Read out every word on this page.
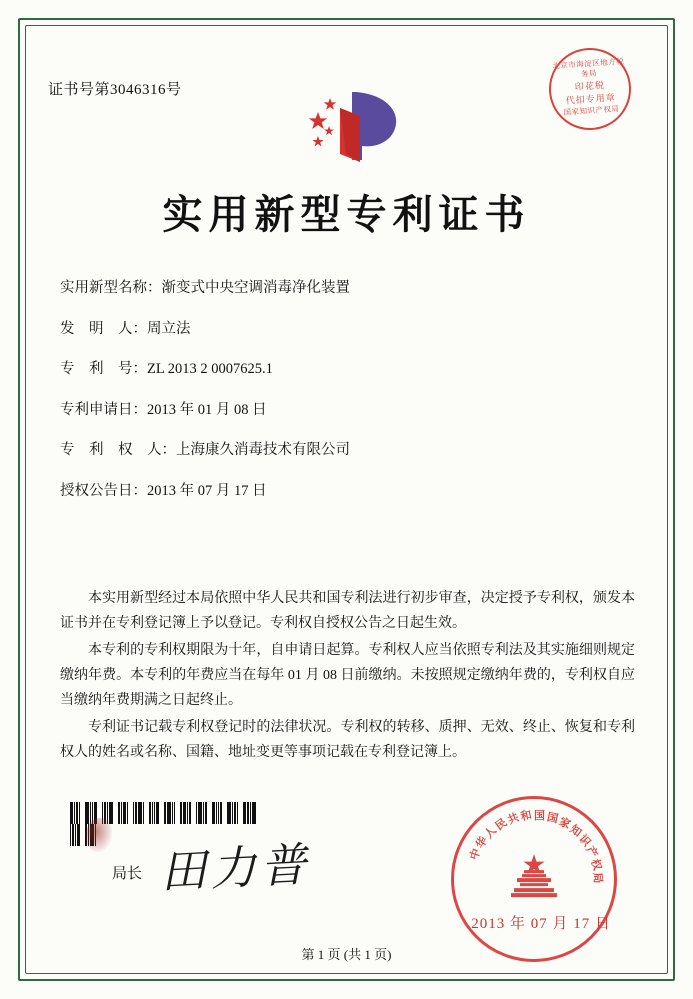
证书号第3046316号
北京市海淀区地方税务局
印花税
代扣专用章
国家知识产权局
实用新型专利证书
实用新型名称：渐变式中央空调消毒净化装置
发　明　人：周立法
专　利　号：ZL 2013 2 0007625.1
专利申请日：2013 年 01 月 08 日
专　利　权　人：上海康久消毒技术有限公司
授权公告日：2013 年 07 月 17 日

本实用新型经过本局依照中华人民共和国专利法进行初步审查，决定授予专利权，颁发本证书并在专利登记簿上予以登记。专利权自授权公告之日起生效。

本专利的专利权期限为十年，自申请日起算。专利权人应当依照专利法及其实施细则规定缴纳年费。本专利的年费应当在每年 01 月 08 日前缴纳。未按照规定缴纳年费的，专利权自应当缴纳年费期满之日起终止。

专利证书记载专利权登记时的法律状况。专利权的转移、质押、无效、终止、恢复和专利权人的姓名或名称、国籍、地址变更等事项记载在专利登记簿上。

局长 田力普	中
华
人
民
共
和 国 国
家
知
识
产
权
局
2013 年 07 月 17 日
第 1 页 (共 1 页)
